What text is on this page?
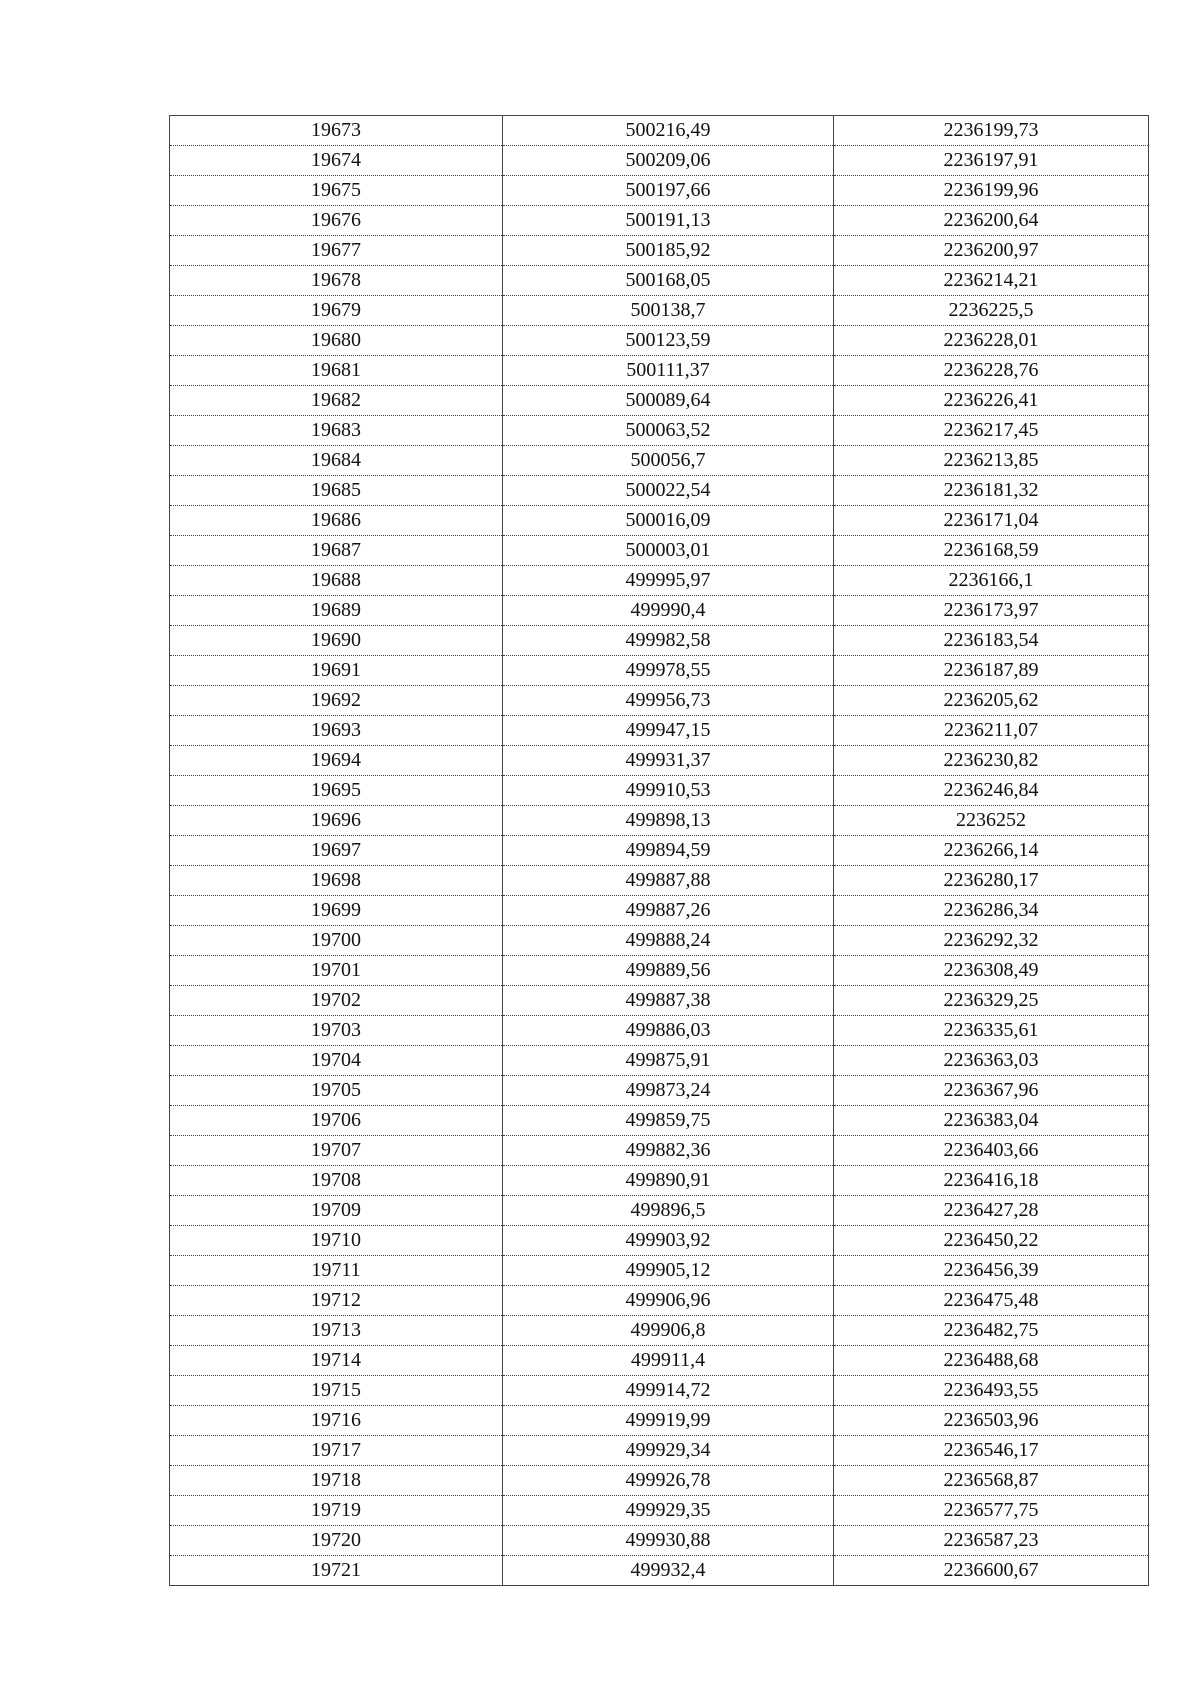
19673	500216,49	2236199,73
19674	500209,06	2236197,91
19675	500197,66	2236199,96
19676	500191,13	2236200,64
19677	500185,92	2236200,97
19678	500168,05	2236214,21
19679	500138,7	2236225,5
19680	500123,59	2236228,01
19681	500111,37	2236228,76
19682	500089,64	2236226,41
19683	500063,52	2236217,45
19684	500056,7	2236213,85
19685	500022,54	2236181,32
19686	500016,09	2236171,04
19687	500003,01	2236168,59
19688	499995,97	2236166,1
19689	499990,4	2236173,97
19690	499982,58	2236183,54
19691	499978,55	2236187,89
19692	499956,73	2236205,62
19693	499947,15	2236211,07
19694	499931,37	2236230,82
19695	499910,53	2236246,84
19696	499898,13	2236252
19697	499894,59	2236266,14
19698	499887,88	2236280,17
19699	499887,26	2236286,34
19700	499888,24	2236292,32
19701	499889,56	2236308,49
19702	499887,38	2236329,25
19703	499886,03	2236335,61
19704	499875,91	2236363,03
19705	499873,24	2236367,96
19706	499859,75	2236383,04
19707	499882,36	2236403,66
19708	499890,91	2236416,18
19709	499896,5	2236427,28
19710	499903,92	2236450,22
19711	499905,12	2236456,39
19712	499906,96	2236475,48
19713	499906,8	2236482,75
19714	499911,4	2236488,68
19715	499914,72	2236493,55
19716	499919,99	2236503,96
19717	499929,34	2236546,17
19718	499926,78	2236568,87
19719	499929,35	2236577,75
19720	499930,88	2236587,23
19721	499932,4	2236600,67
